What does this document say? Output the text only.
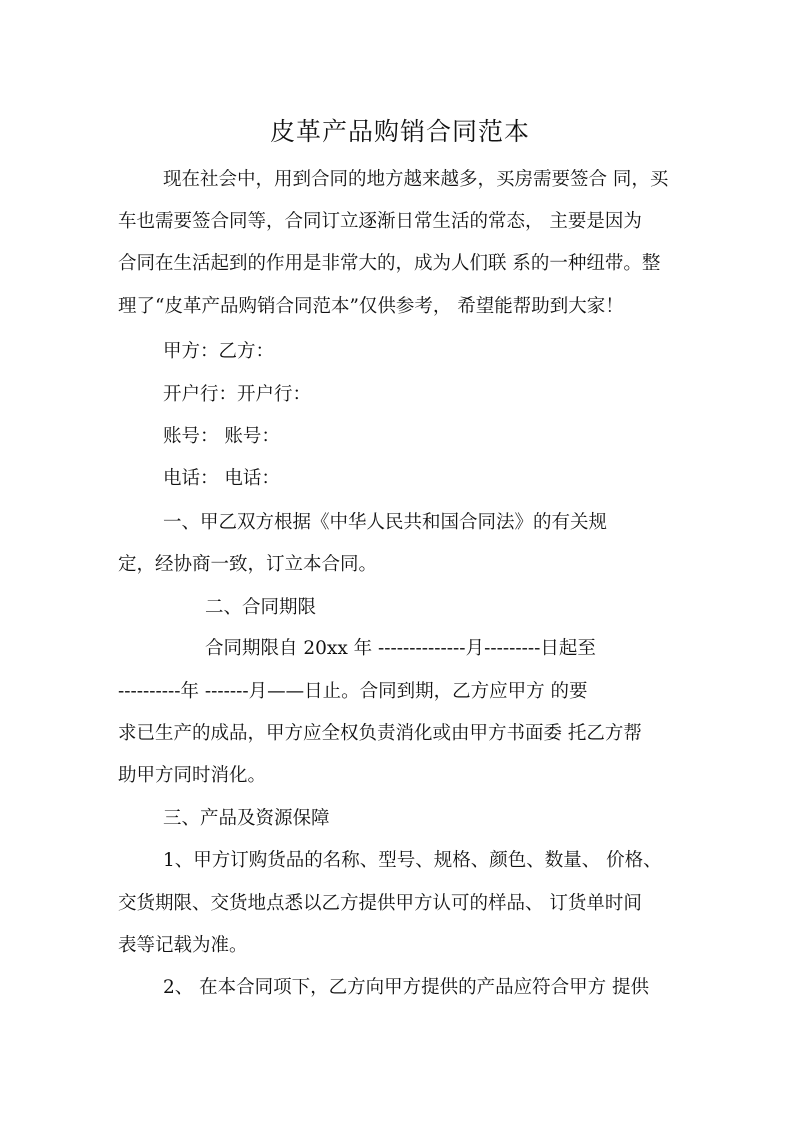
皮革产品购销合同范本
现在社会中，用到合同的地方越来越多，买房需要签合 同，买
车也需要签合同等，合同订立逐渐日常生活的常态， 主要是因为
合同在生活起到的作用是非常大的，成为人们联 系的一种纽带。整
理了“皮革产品购销合同范本”仅供参考， 希望能帮助到大家！
甲方：乙方：
开户行：开户行：
账号： 账号：
电话： 电话：
一、甲乙双方根据《中华人民共和国合同法》的有关规
定，经协商一致，订立本合同。
二、合同期限
合同期限自 20xx 年 --------------月---------日起至
----------年 -------月——日止。合同到期，乙方应甲方 的要
求已生产的成品，甲方应全权负责消化或由甲方书面委 托乙方帮
助甲方同时消化。
三、产品及资源保障
1、甲方订购货品的名称、型号、规格、颜色、数量、 价格、
交货期限、交货地点悉以乙方提供甲方认可的样品、 订货单时间
表等记载为准。
2、 在本合同项下，乙方向甲方提供的产品应符合甲方 提供
